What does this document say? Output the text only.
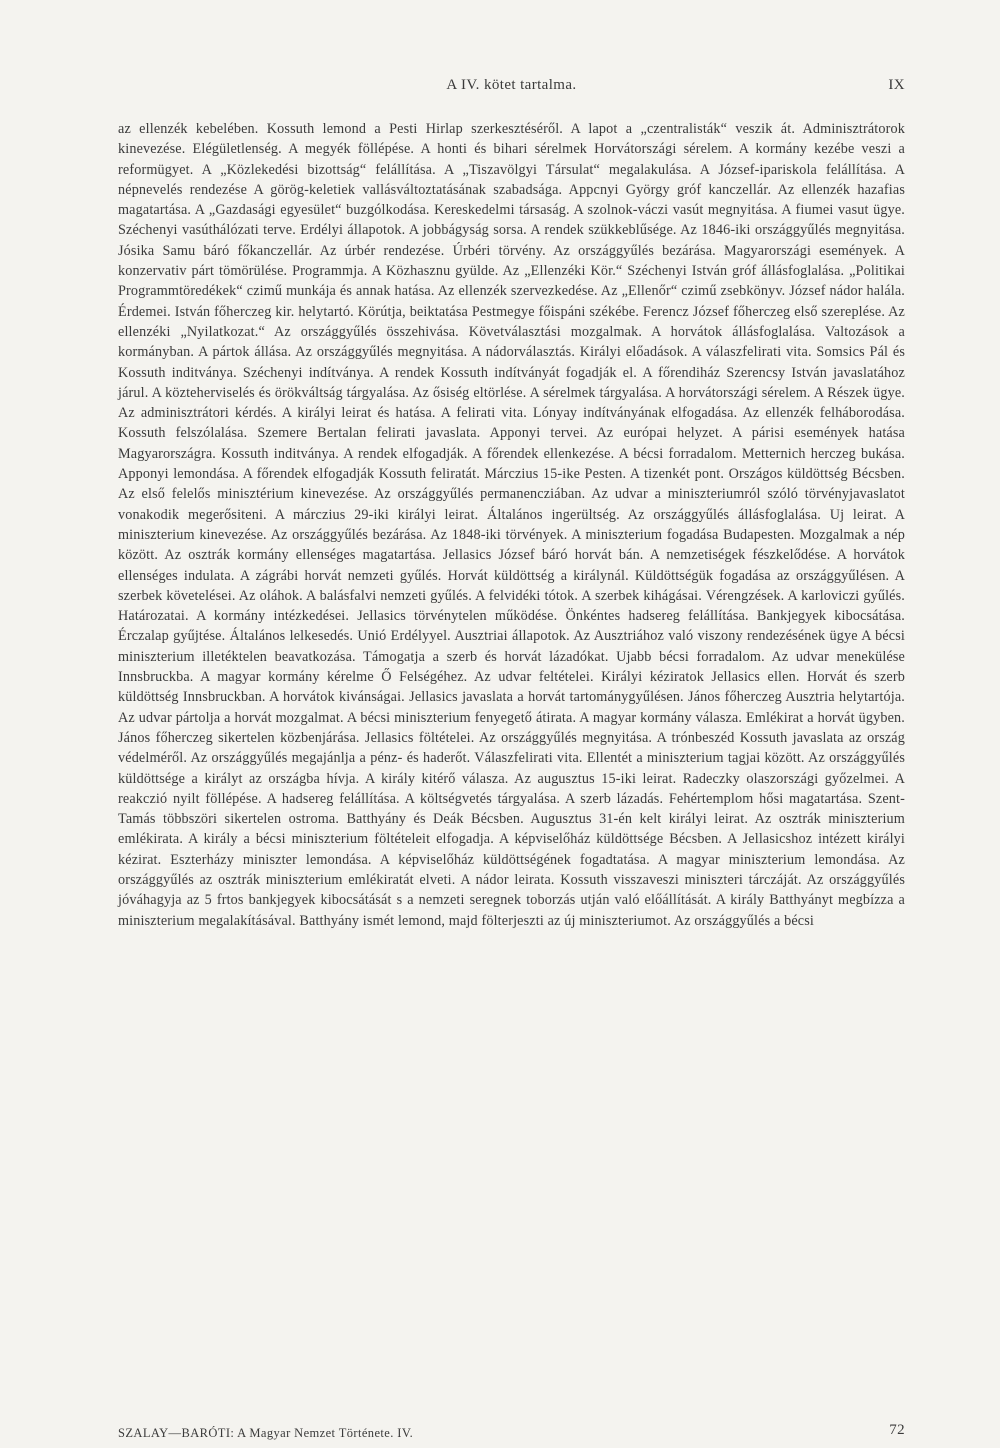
A IV. kötet tartalma.	IX

az ellenzék kebelében. Kossuth lemond a Pesti Hirlap szerkesztéséről. A lapot a „czentralisták“ veszik át. Adminisztrátorok kinevezése. Elégületlenség. A megyék föllépése. A honti és bihari sérelmek Horvátországi sérelem. A kormány kezébe veszi a reformügyet. A „Közlekedési bizottság“ felállítása. A „Tiszavölgyi Társulat“ megalakulása. A József-ipariskola felállítása. A népnevelés rendezése A görög-keletiek vallásváltoztatásának szabadsága. Appcnyi György gróf kanczellár. Az ellenzék hazafias magatartása. A „Gazdasági egyesület“ buzgólkodása. Kereskedelmi társaság. A szolnok-váczi vasút megnyitása. A fiumei vasut ügye. Széchenyi vasúthálózati terve. Erdélyi állapotok. A jobbágyság sorsa. A rendek szükkeblűsége. Az 1846-iki országgyűlés megnyitása. Jósika Samu báró főkanczellár. Az úrbér rendezése. Úrbéri törvény. Az országgyűlés bezárása. Magyarországi események. A konzervativ párt tömörülése. Programmja. A Közhasznu gyülde. Az „Ellenzéki Kör.“ Széchenyi István gróf állásfoglalása. „Politikai Programmtöredékek“ czimű munkája és annak hatása. Az ellenzék szervezkedése. Az „Ellenőr“ czimű zsebkönyv. József nádor halála. Érdemei. István főherczeg kir. helytartó. Körútja, beiktatása Pestmegye főispáni székébe. Ferencz József főherczeg első szereplése. Az ellenzéki „Nyilatkozat.“ Az országgyűlés összehivása. Követválasztási mozgalmak. A horvátok állásfoglalása. Valtozások a kormányban. A pártok állása. Az országgyűlés megnyitása. A nádorválasztás. Királyi előadások. A válaszfelirati vita. Somsics Pál és Kossuth inditványa. Széchenyi indítványa. A rendek Kossuth indítványát fogadják el. A főrendiház Szerencsy István javaslatához járul. A közteherviselés és örökváltság tárgyalása. Az ősiség eltörlése. A sérelmek tárgyalása. A horvátországi sérelem. A Részek ügye. Az adminisztrátori kérdés. A királyi leirat és hatása. A felirati vita. Lónyay indítványának elfogadása. Az ellenzék felháborodása. Kossuth felszólalása. Szemere Bertalan felirati javaslata. Apponyi tervei. Az európai helyzet. A párisi események hatása Magyarországra. Kossuth inditványa. A rendek elfogadják. A főrendek ellenkezése. A bécsi forradalom. Metternich herczeg bukása. Apponyi lemondása. A főrendek elfogadják Kossuth feliratát. Márczius 15-ike Pesten. A tizenkét pont. Országos küldöttség Bécsben. Az első felelős minisztérium kinevezése. Az országgyűlés permanencziában. Az udvar a miniszteriumról szóló törvényjavaslatot vonakodik megerősiteni. A márczius 29-iki királyi leirat. Általános ingerültség. Az országgyűlés állásfoglalása. Uj leirat. A miniszterium kinevezése. Az országgyűlés bezárása. Az 1848-iki törvények. A miniszterium fogadása Budapesten. Mozgalmak a nép között. Az osztrák kormány ellenséges magatartása. Jellasics József báró horvát bán. A nemzetiségek fészkelődése. A horvátok ellenséges indulata. A zágrábi horvát nemzeti gyűlés. Horvát küldöttség a királynál. Küldöttségük fogadása az országgyűlésen. A szerbek követelései. Az oláhok. A balásfalvi nemzeti gyűlés. A felvidéki tótok. A szerbek kihágásai. Vérengzések. A karloviczi gyűlés. Határozatai. A kormány intézkedései. Jellasics törvénytelen működése. Önkéntes hadsereg felállítása. Bankjegyek kibocsátása. Érczalap gyűjtése. Általános lelkesedés. Unió Erdélyyel. Ausztriai állapotok. Az Ausztriához való viszony rendezésének ügye A bécsi miniszterium illetéktelen beavatkozása. Támogatja a szerb és horvát lázadókat. Ujabb bécsi forradalom. Az udvar menekülése Innsbruckba. A magyar kormány kérelme Ő Felségéhez. Az udvar feltételei. Királyi kéziratok Jellasics ellen. Horvát és szerb küldöttség Innsbruckban. A horvátok kivánságai. Jellasics javaslata a horvát tartománygyűlésen. János főherczeg Ausztria helytartója. Az udvar pártolja a horvát mozgalmat. A bécsi miniszterium fenyegető átirata. A magyar kormány válasza. Emlékirat a horvát ügyben. János főherczeg sikertelen közbenjárása. Jellasics föltételei. Az országgyűlés megnyitása. A trónbeszéd Kossuth javaslata az ország védelméről. Az országgyűlés megajánlja a pénz- és haderőt. Válaszfelirati vita. Ellentét a miniszterium tagjai között. Az országgyűlés küldöttsége a királyt az országba hívja. A király kitérő válasza. Az augusztus 15-iki leirat. Radeczky olaszországi győzelmei. A reakczió nyilt föllépése. A hadsereg felállítása. A költségvetés tárgyalása. A szerb lázadás. Fehértemplom hősi magatartása. Szent-Tamás többszöri sikertelen ostroma. Batthyány és Deák Bécsben. Augusztus 31-én kelt királyi leirat. Az osztrák miniszterium emlékirata. A király a bécsi miniszterium föltételeit elfogadja. A képviselőház küldöttsége Bécsben. A Jellasicshoz intézett királyi kézirat. Eszterházy miniszter lemondása. A képviselőház küldöttségének fogadtatása. A magyar miniszterium lemondása. Az országgyűlés az osztrák miniszterium emlékiratát elveti. A nádor leirata. Kossuth visszaveszi miniszteri tárczáját. Az országgyűlés jóváhagyja az 5 frtos bankjegyek kibocsátását s a nemzeti seregnek toborzás utján való előállítását. A király Batthyányt megbízza a miniszterium megalakításával. Batthyány ismét lemond, majd fölterjeszti az új miniszteriumot. Az országgyűlés a bécsi

SZALAY—BARÓTI: A Magyar Nemzet Története. IV.	72
